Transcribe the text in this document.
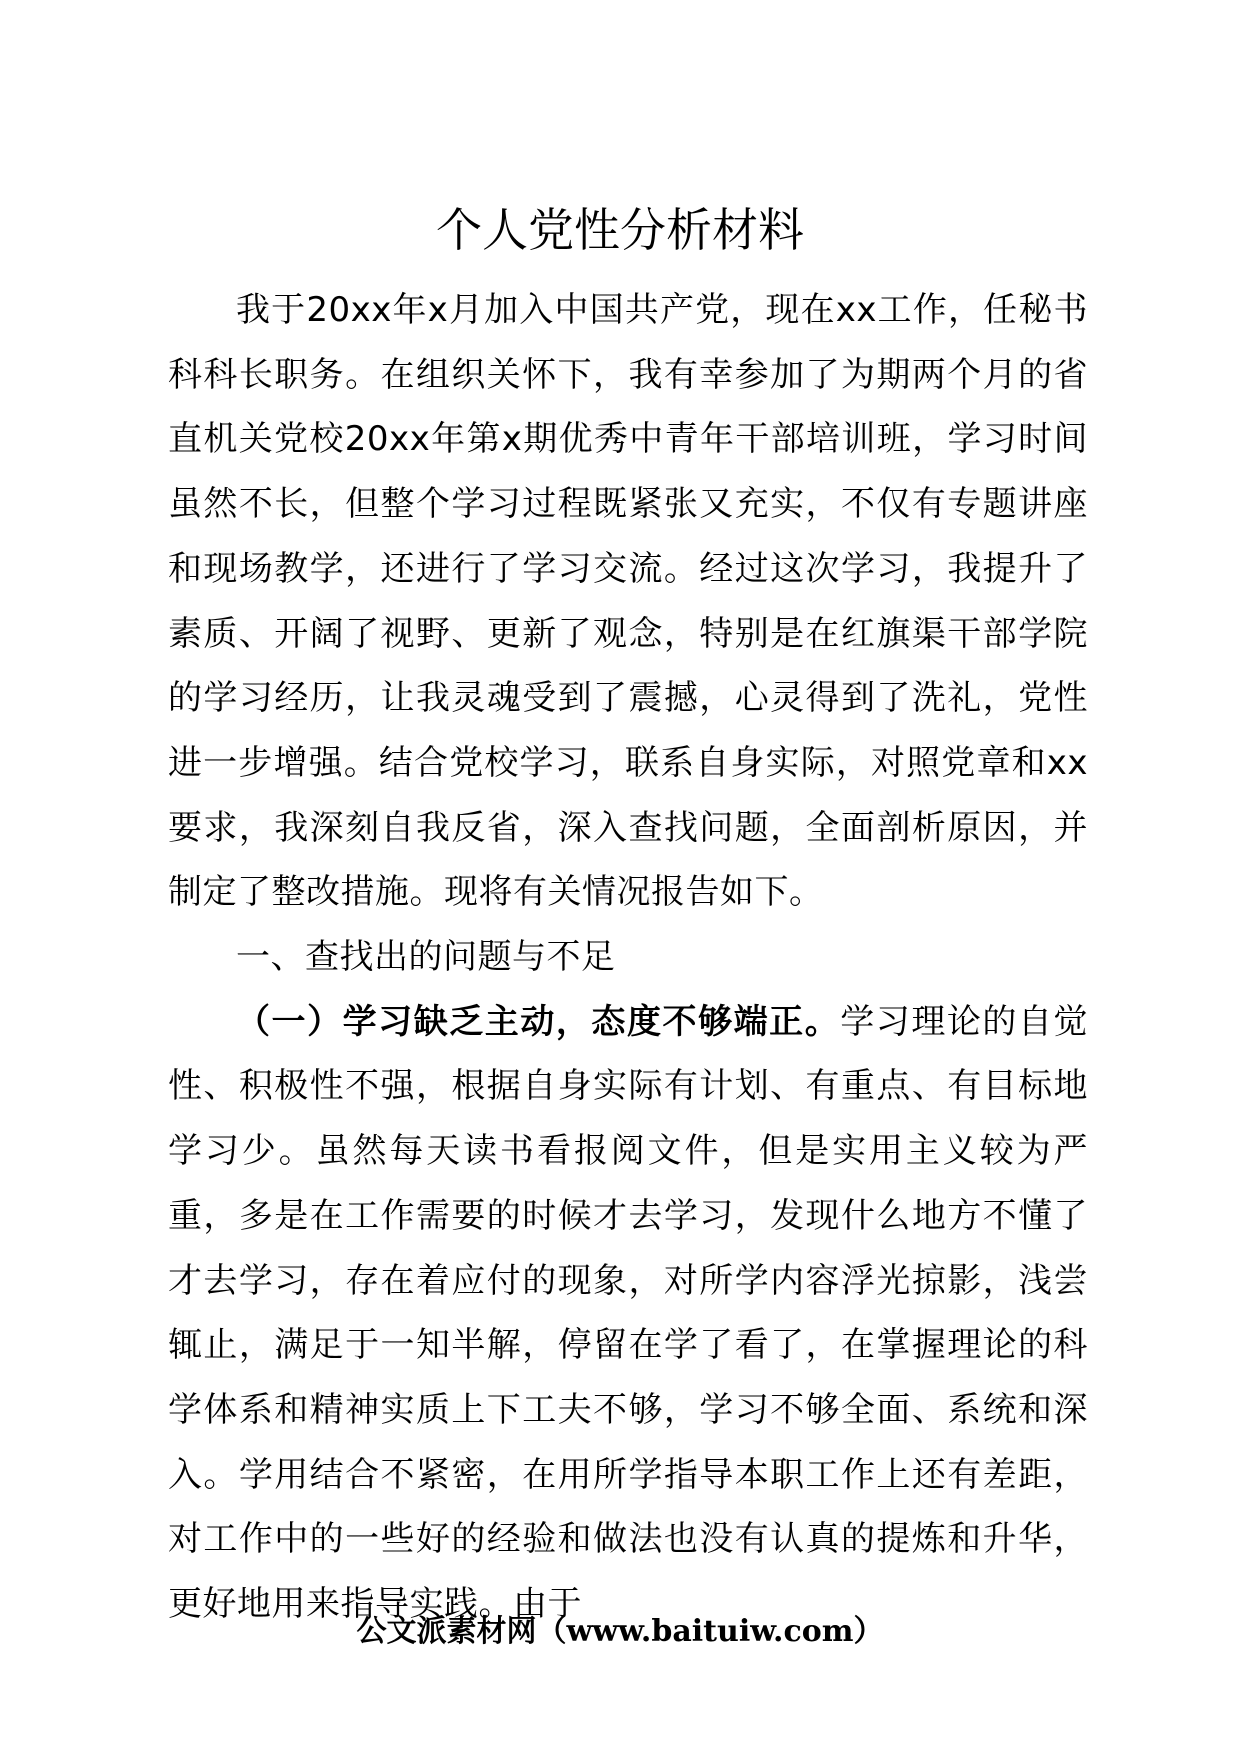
个人党性分析材料

我于20xx年x月加入中国共产党，现在xx工作，任秘书科科长职务。在组织关怀下，我有幸参加了为期两个月的省直机关党校20xx年第x期优秀中青年干部培训班，学习时间虽然不长，但整个学习过程既紧张又充实，不仅有专题讲座和现场教学，还进行了学习交流。经过这次学习，我提升了素质、开阔了视野、更新了观念，特别是在红旗渠干部学院的学习经历，让我灵魂受到了震撼，心灵得到了洗礼，党性进一步增强。结合党校学习，联系自身实际，对照党章和xx要求，我深刻自我反省，深入查找问题，全面剖析原因，并制定了整改措施。现将有关情况报告如下。

一、查找出的问题与不足

（一）学习缺乏主动，态度不够端正。学习理论的自觉性、积极性不强，根据自身实际有计划、有重点、有目标地学习少。虽然每天读书看报阅文件，但是实用主义较为严重，多是在工作需要的时候才去学习，发现什么地方不懂了才去学习，存在着应付的现象，对所学内容浮光掠影，浅尝辄止，满足于一知半解，停留在学了看了，在掌握理论的科学体系和精神实质上下工夫不够，学习不够全面、系统和深入。学用结合不紧密，在用所学指导本职工作上还有差距，对工作中的一些好的经验和做法也没有认真的提炼和升华，更好地用来指导实践。由于

公文派素材网（www.baituiw.com）
